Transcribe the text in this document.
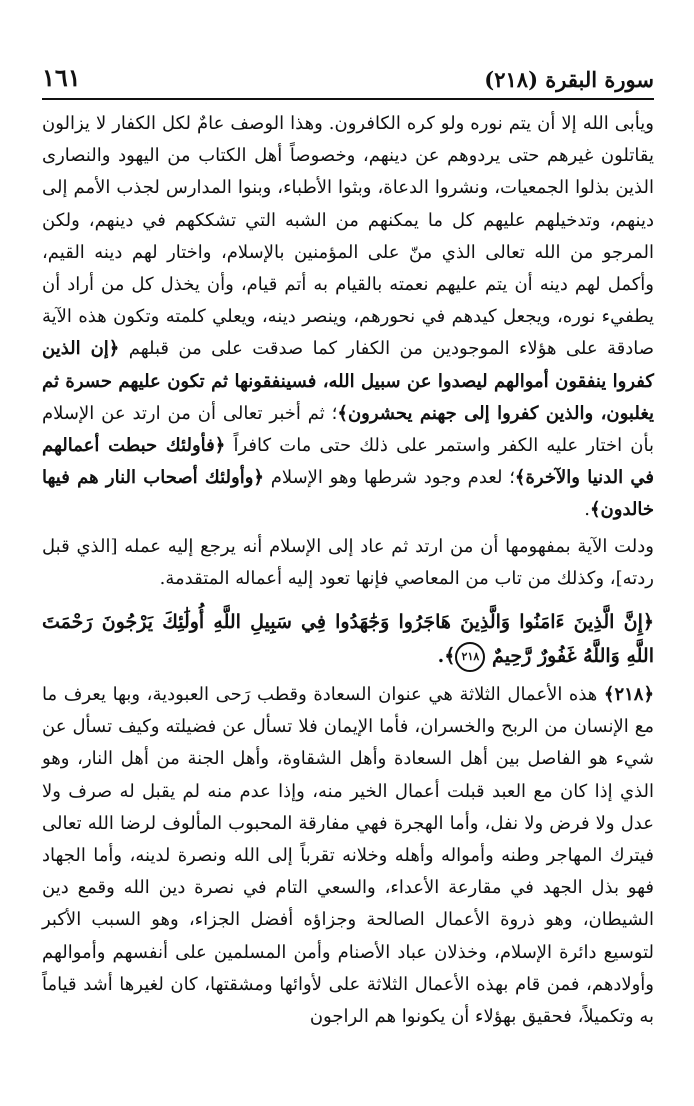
١٦١	سورة البقرة (٢١٨)

ويأبى الله إلا أن يتم نوره ولو كره الكافرون. وهذا الوصف عامٌ لكل الكفار لا يزالون يقاتلون غيرهم حتى يردوهم عن دينهم، وخصوصاً أهل الكتاب من اليهود والنصارى الذين بذلوا الجمعيات، ونشروا الدعاة، وبثوا الأطباء، وبنوا المدارس لجذب الأمم إلى دينهم، وتدخيلهم عليهم كل ما يمكنهم من الشبه التي تشككهم في دينهم، ولكن المرجو من الله تعالى الذي منّ على المؤمنين بالإسلام، واختار لهم دينه القيم، وأكمل لهم دينه أن يتم عليهم نعمته بالقيام به أتم قيام، وأن يخذل كل من أراد أن يطفيء نوره، ويجعل كيدهم في نحورهم، وينصر دينه، ويعلي كلمته وتكون هذه الآية صادقة على هؤلاء الموجودين من الكفار كما صدقت على من قبلهم ﴿إن الذين كفروا ينفقون أموالهم ليصدوا عن سبيل الله، فسينفقونها ثم تكون عليهم حسرة ثم يغلبون، والذين كفروا إلى جهنم يحشرون﴾؛ ثم أخبر تعالى أن من ارتد عن الإسلام بأن اختار عليه الكفر واستمر على ذلك حتى مات كافراً ﴿فأولئك حبطت أعمالهم في الدنيا والآخرة﴾؛ لعدم وجود شرطها وهو الإسلام ﴿وأولئك أصحاب النار هم فيها خالدون﴾.

ودلت الآية بمفهومها أن من ارتد ثم عاد إلى الإسلام أنه يرجع إليه عمله [الذي قبل ردته]، وكذلك من تاب من المعاصي فإنها تعود إليه أعماله المتقدمة.

﴿إِنَّ الَّذِينَ ءَامَنُوا وَالَّذِينَ هَاجَرُوا وَجَٰهَدُوا فِي سَبِيلِ اللَّهِ أُولَٰئِكَ يَرْجُونَ رَحْمَتَ اللَّهِ وَاللَّهُ غَفُورٌ رَّحِيمٌ ٢١٨﴾.

﴿٢١٨﴾ هذه الأعمال الثلاثة هي عنوان السعادة وقطب رَحى العبودية، وبها يعرف ما مع الإنسان من الربح والخسران، فأما الإيمان فلا تسأل عن فضيلته وكيف تسأل عن شيء هو الفاصل بين أهل السعادة وأهل الشقاوة، وأهل الجنة من أهل النار، وهو الذي إذا كان مع العبد قبلت أعمال الخير منه، وإذا عدم منه لم يقبل له صرف ولا عدل ولا فرض ولا نفل، وأما الهجرة فهي مفارقة المحبوب المألوف لرضا الله تعالى فيترك المهاجر وطنه وأمواله وأهله وخلانه تقرباً إلى الله ونصرة لدينه، وأما الجهاد فهو بذل الجهد في مقارعة الأعداء، والسعي التام في نصرة دين الله وقمع دين الشيطان، وهو ذروة الأعمال الصالحة وجزاؤه أفضل الجزاء، وهو السبب الأكبر لتوسيع دائرة الإسلام، وخذلان عباد الأصنام وأمن المسلمين على أنفسهم وأموالهم وأولادهم، فمن قام بهذه الأعمال الثلاثة على لأوائها ومشقتها، كان لغيرها أشد قياماً به وتكميلاً، فحقيق بهؤلاء أن يكونوا هم الراجون
